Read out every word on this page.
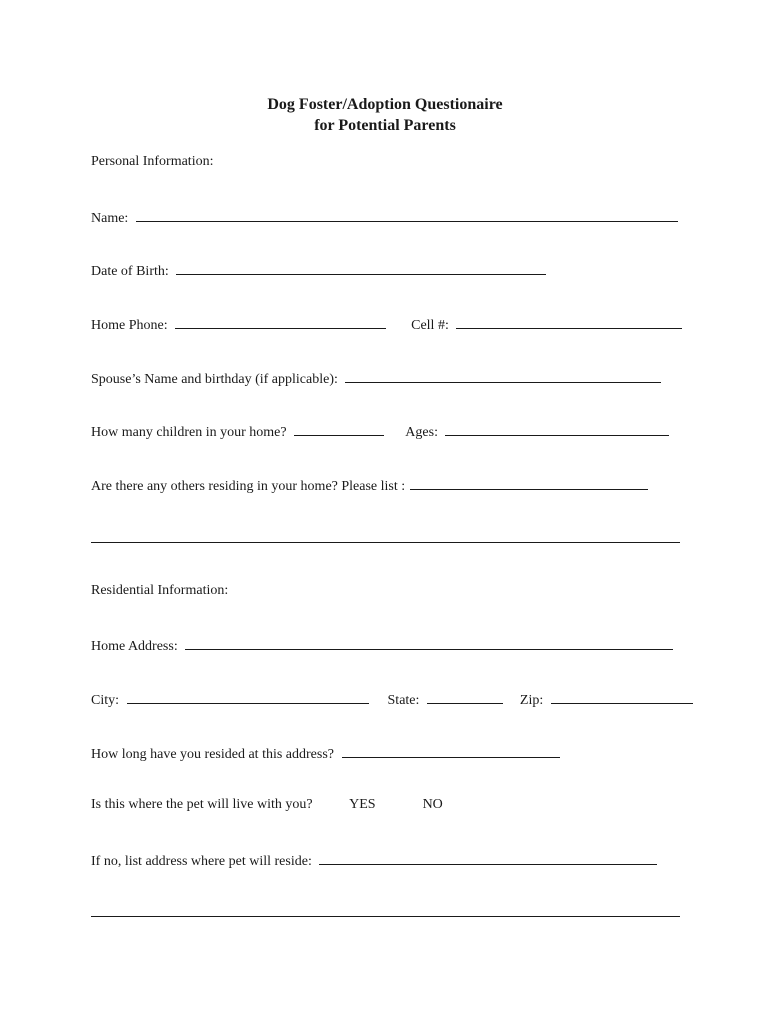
Dog Foster/Adoption Questionaire
for Potential Parents
Personal Information:
Name:
Date of Birth:
Home Phone:	Cell #:
Spouse’s Name and birthday (if applicable):
How many children in your home?	Ages:
Are there any others residing in your home? Please list :
Residential Information:
Home Address:
City:	State:	Zip:
How long have you resided at this address?
Is this where the pet will live with you?	YES	NO
If no, list address where pet will reside:
